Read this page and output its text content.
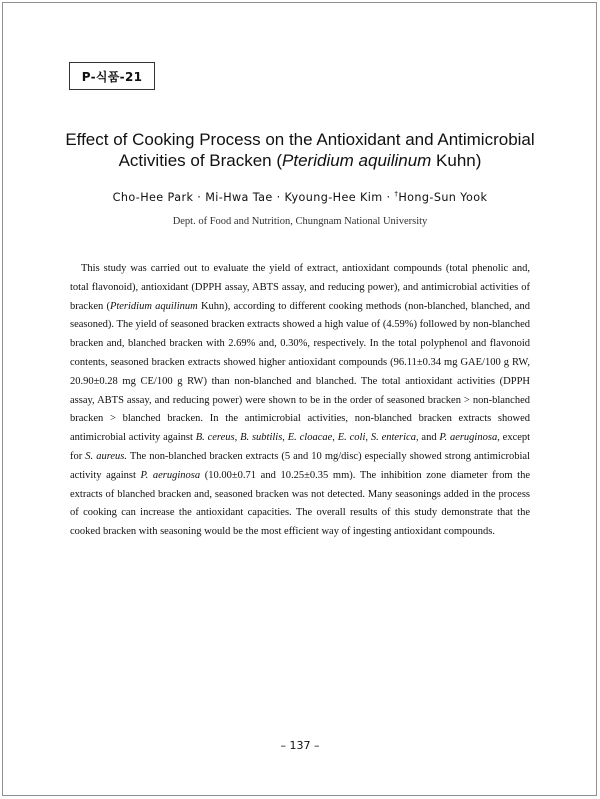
P-식품-21
Effect of Cooking Process on the Antioxidant and Antimicrobial
Activities of Bracken (Pteridium aquilinum Kuhn)
Cho-Hee Park · Mi-Hwa Tae · Kyoung-Hee Kim · †Hong-Sun Yook
Dept. of Food and Nutrition, Chungnam National University

This study was carried out to evaluate the yield of extract, antioxidant compounds (total phenolic and, total flavonoid), antioxidant (DPPH assay, ABTS assay, and reducing power), and antimicrobial activities of bracken (Pteridium aquilinum Kuhn), according to different cooking methods (non-blanched, blanched, and seasoned). The yield of seasoned bracken extracts showed a high value of (4.59%) followed by non-blanched bracken and, blanched bracken with 2.69% and, 0.30%, respectively. In the total polyphenol and flavonoid contents, seasoned bracken extracts showed higher antioxidant compounds (96.11±0.34 mg GAE/100 g RW, 20.90±0.28 mg CE/100 g RW) than non-blanched and blanched. The total antioxidant activities (DPPH assay, ABTS assay, and reducing power) were shown to be in the order of seasoned bracken > non-blanched bracken > blanched bracken. In the antimicrobial activities, non-blanched bracken extracts showed antimicrobial activity against B. cereus, B. subtilis, E. cloacae, E. coli, S. enterica, and P. aeruginosa, except for S. aureus. The non-blanched bracken extracts (5 and 10 mg/disc) especially showed strong antimicrobial activity against P. aeruginosa (10.00±0.71 and 10.25±0.35 mm). The inhibition zone diameter from the extracts of blanched bracken and, seasoned bracken was not detected. Many seasonings added in the process of cooking can increase the antioxidant capacities. The overall results of this study demonstrate that the cooked bracken with seasoning would be the most efficient way of ingesting antioxidant compounds.

– 137 –
